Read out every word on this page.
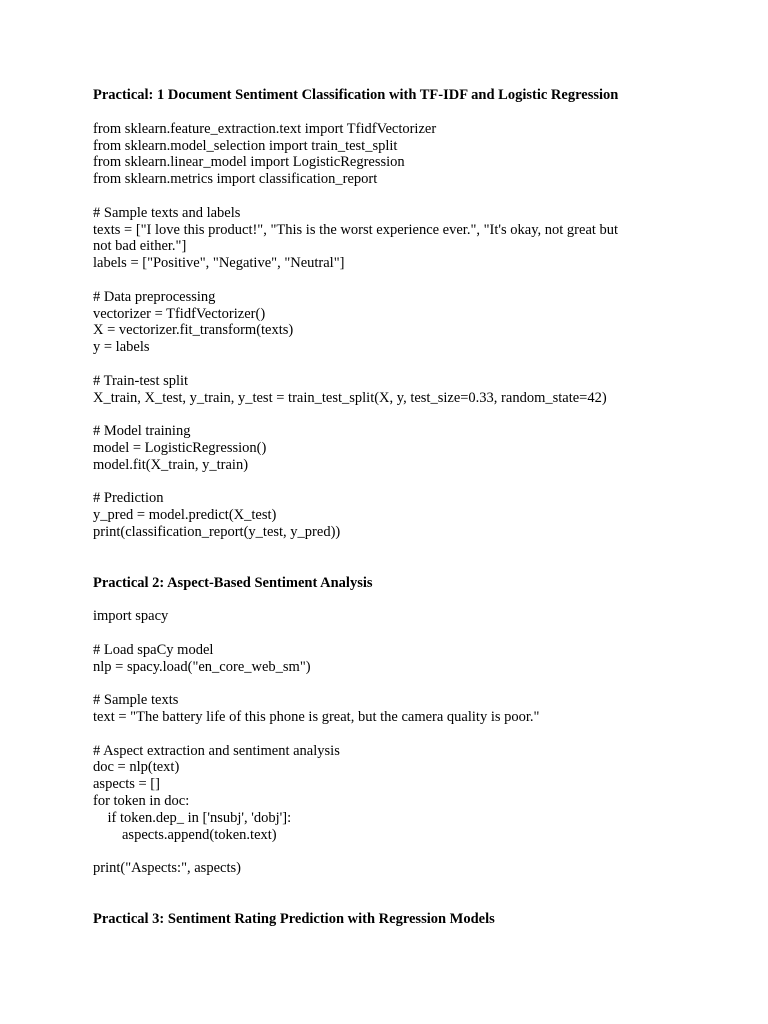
Practical: 1 Document Sentiment Classification with TF-IDF and Logistic Regression

from sklearn.feature_extraction.text import TfidfVectorizer

from sklearn.model_selection import train_test_split

from sklearn.linear_model import LogisticRegression

from sklearn.metrics import classification_report

# Sample texts and labels

texts = ["I love this product!", "This is the worst experience ever.", "It's okay, not great but

not bad either."]

labels = ["Positive", "Negative", "Neutral"]

# Data preprocessing

vectorizer = TfidfVectorizer()

X = vectorizer.fit_transform(texts)

y = labels

# Train-test split

X_train, X_test, y_train, y_test = train_test_split(X, y, test_size=0.33, random_state=42)

# Model training

model = LogisticRegression()

model.fit(X_train, y_train)

# Prediction

y_pred = model.predict(X_test)

print(classification_report(y_test, y_pred))

Practical 2: Aspect-Based Sentiment Analysis

import spacy

# Load spaCy model

nlp = spacy.load("en_core_web_sm")

# Sample texts

text = "The battery life of this phone is great, but the camera quality is poor."

# Aspect extraction and sentiment analysis

doc = nlp(text)

aspects = []

for token in doc:

if token.dep_ in ['nsubj', 'dobj']:

aspects.append(token.text)

print("Aspects:", aspects)

Practical 3: Sentiment Rating Prediction with Regression Models
